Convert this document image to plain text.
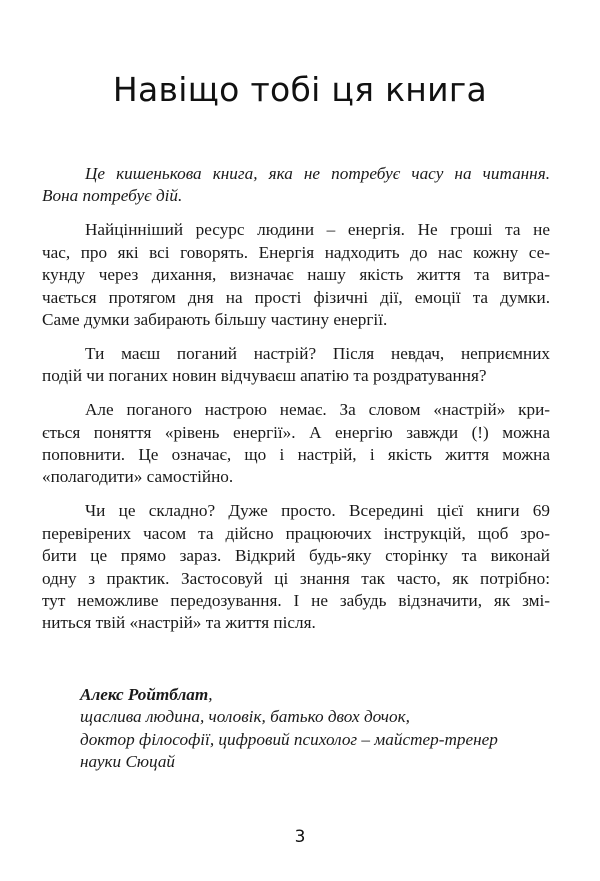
Навіщо тобі ця книга
Це кишенькова книга, яка не потребує часу на читання.
Вона потребує дій.
Найцінніший ресурс людини – енергія. Не гроші та не
час, про які всі говорять. Енергія надходить до нас кожну се-
кунду через дихання, визначає нашу якість життя та витра-
чається протягом дня на прості фізичні дії, емоції та думки.
Саме думки забирають більшу частину енергії.
Ти маєш поганий настрій? Після невдач, неприємних
подій чи поганих новин відчуваєш апатію та роздратування?
Але поганого настрою немає. За словом «настрій» кри-
ється поняття «рівень енергії». А енергію завжди (!) можна
поповнити. Це означає, що і настрій, і якість життя можна
«полагодити» самостійно.
Чи це складно? Дуже просто. Всередині цієї книги 69
перевірених часом та дійсно працюючих інструкцій, щоб зро-
бити це прямо зараз. Відкрий будь-яку сторінку та виконай
одну з практик. Застосовуй ці знання так часто, як потрібно:
тут неможливе передозування. І не забудь відзначити, як змі-
ниться твій «настрій» та життя після.
Алекс Ройтблат,
щаслива людина, чоловік, батько двох дочок,
доктор філософії, цифровий психолог – майстер-тренер
науки Сюцай
3
